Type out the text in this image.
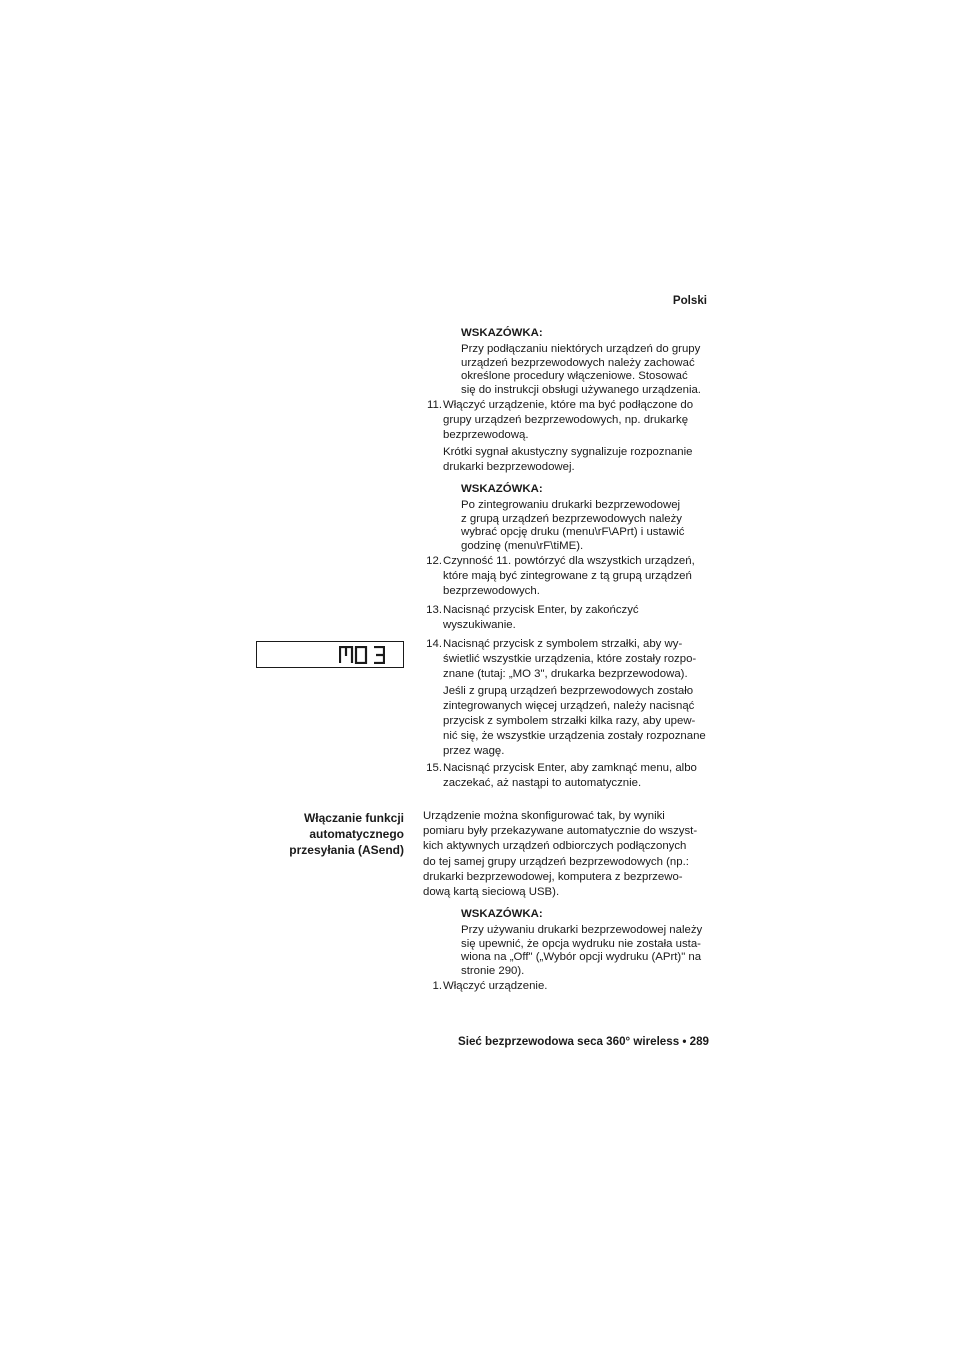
Polski
WSKAZÓWKA:
Przy podłączaniu niektórych urządzeń do grupy
urządzeń bezprzewodowych należy zachować
określone procedury włączeniowe. Stosować
się do instrukcji obsługi używanego urządzenia.
11. Włączyć urządzenie, które ma być podłączone do
grupy urządzeń bezprzewodowych, np. drukarkę
bezprzewodową.

Krótki sygnał akustyczny sygnalizuje rozpoznanie
drukarki bezprzewodowej.

WSKAZÓWKA:
Po zintegrowaniu drukarki bezprzewodowej
z grupą urządzeń bezprzewodowych należy
wybrać opcję druku (menu\rF\APrt) i ustawić
godzinę (menu\rF\tiME).
12. Czynność 11. powtórzyć dla wszystkich urządzeń,
które mają być zintegrowane z tą grupą urządzeń
bezprzewodowych.

13. Nacisnąć przycisk Enter, by zakończyć
wyszukiwanie.

14. Nacisnąć przycisk z symbolem strzałki, aby wy-
świetlić wszystkie urządzenia, które zostały rozpo-
znane (tutaj: „MO 3", drukarka bezprzewodowa).

Jeśli z grupą urządzeń bezprzewodowych zostało
zintegrowanych więcej urządzeń, należy nacisnąć
przycisk z symbolem strzałki kilka razy, aby upew-
nić się, że wszystkie urządzenia zostały rozpoznane
przez wagę.

15. Nacisnąć przycisk Enter, aby zamknąć menu, albo
zaczekać, aż nastąpi to automatycznie.

Włączanie funkcji
automatycznego
przesyłania (ASend)
Urządzenie można skonfigurować tak, by wyniki
pomiaru były przekazywane automatycznie do wszyst-
kich aktywnych urządzeń odbiorczych podłączonych
do tej samej grupy urządzeń bezprzewodowych (np.:
drukarki bezprzewodowej, komputera z bezprzewo-
dową kartą sieciową USB).
WSKAZÓWKA:
Przy używaniu drukarki bezprzewodowej należy
się upewnić, że opcja wydruku nie została usta-
wiona na „Off" („Wybór opcji wydruku (APrt)" na
stronie 290).
1. Włączyć urządzenie.

Sieć bezprzewodowa seca 360° wireless • 289
